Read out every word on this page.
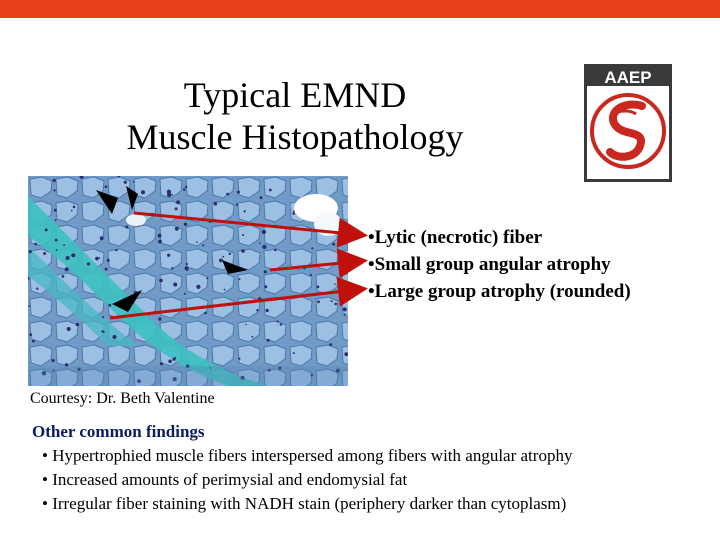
Typical EMND
Muscle Histopathology
AAEP
• Lytic (necrotic) fiber
• Small group angular atrophy
• Large group atrophy (rounded)
Courtesy: Dr. Beth Valentine
Other common findings
• Hypertrophied muscle fibers interspersed among fibers with angular atrophy
• Increased amounts of perimysial and endomysial fat
• Irregular fiber staining with NADH stain (periphery darker than cytoplasm)
